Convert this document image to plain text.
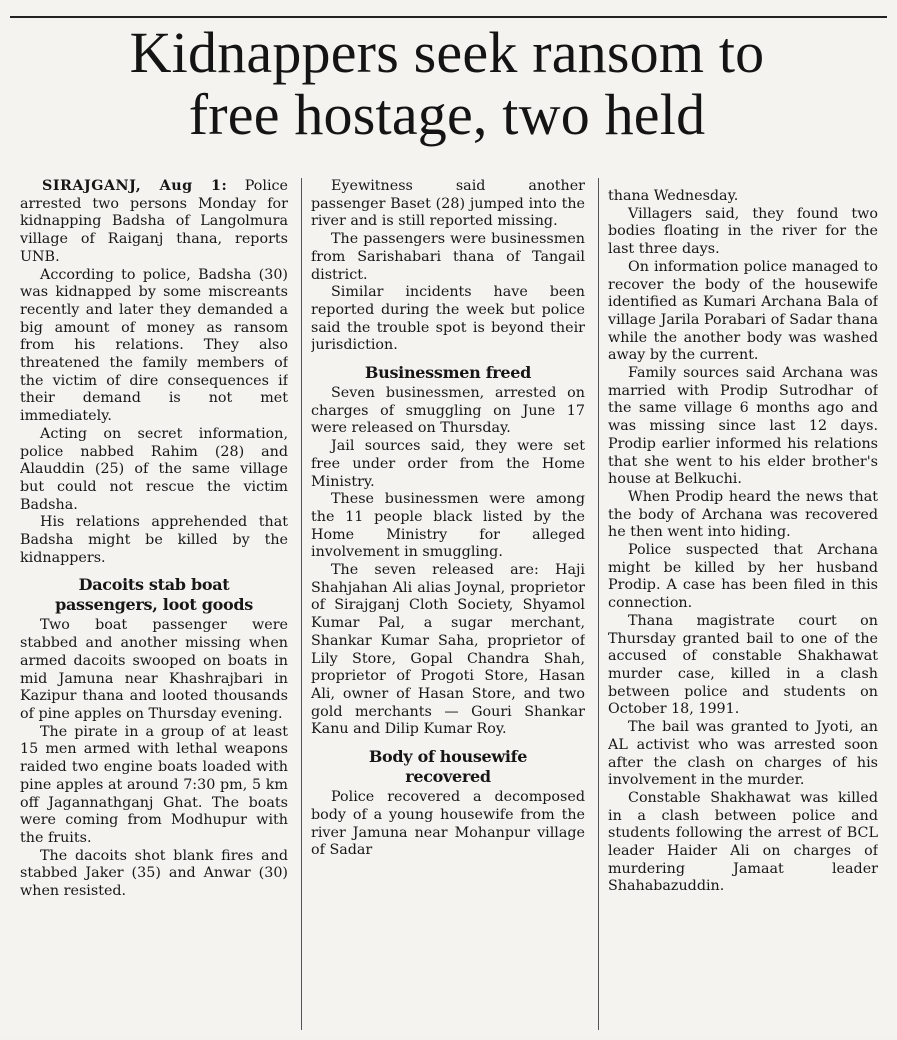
Kidnappers seek ransom to
free hostage, two held

SIRAJGANJ, Aug 1: Police arrested two persons Monday for kidnapping Badsha of Langolmura village of Raiganj thana, reports UNB.

According to police, Badsha (30) was kidnapped by some miscreants recently and later they demanded a big amount of money as ransom from his relations. They also threatened the family members of the victim of dire consequences if their demand is not met immediately.

Acting on secret information, police nabbed Rahim (28) and Alauddin (25) of the same village but could not rescue the victim Badsha.

His relations apprehended that Badsha might be killed by the kidnappers.

Dacoits stab boat
passengers, loot goods

Two boat passenger were stabbed and another missing when armed dacoits swooped on boats in mid Jamuna near Khashrajbari in Kazipur thana and looted thousands of pine apples on Thursday evening.

The pirate in a group of at least 15 men armed with lethal weapons raided two engine boats loaded with pine apples at around 7:30 pm, 5 km off Jagannathganj Ghat. The boats were coming from Modhupur with the fruits.

The dacoits shot blank fires and stabbed Jaker (35) and Anwar (30) when resisted.

Eyewitness said another passenger Baset (28) jumped into the river and is still reported missing.

The passengers were businessmen from Sarishabari thana of Tangail district.

Similar incidents have been reported during the week but police said the trouble spot is beyond their jurisdiction.

Businessmen freed

Seven businessmen, arrested on charges of smuggling on June 17 were released on Thursday.

Jail sources said, they were set free under order from the Home Ministry.

These businessmen were among the 11 people black listed by the Home Ministry for alleged involvement in smuggling.

The seven released are: Haji Shahjahan Ali alias Joynal, proprietor of Sirajganj Cloth Society, Shyamol Kumar Pal, a sugar merchant, Shankar Kumar Saha, proprietor of Lily Store, Gopal Chandra Shah, proprietor of Progoti Store, Hasan Ali, owner of Hasan Store, and two gold merchants — Gouri Shankar Kanu and Dilip Kumar Roy.

Body of housewife
recovered

Police recovered a decomposed body of a young housewife from the river Jamuna near Mohanpur village of Sadar

thana Wednesday.

Villagers said, they found two bodies floating in the river for the last three days.

On information police managed to recover the body of the housewife identified as Kumari Archana Bala of village Jarila Porabari of Sadar thana while the another body was washed away by the current.

Family sources said Archana was married with Prodip Sutrodhar of the same village 6 months ago and was missing since last 12 days. Prodip earlier informed his relations that she went to his elder brother's house at Belkuchi.

When Prodip heard the news that the body of Archana was recovered he then went into hiding.

Police suspected that Archana might be killed by her husband Prodip. A case has been filed in this connection.

Thana magistrate court on Thursday granted bail to one of the accused of constable Shakhawat murder case, killed in a clash between police and students on October 18, 1991.

The bail was granted to Jyoti, an AL activist who was arrested soon after the clash on charges of his involvement in the murder.

Constable Shakhawat was killed in a clash between police and students following the arrest of BCL leader Haider Ali on charges of murdering Jamaat leader Shahabazuddin.
